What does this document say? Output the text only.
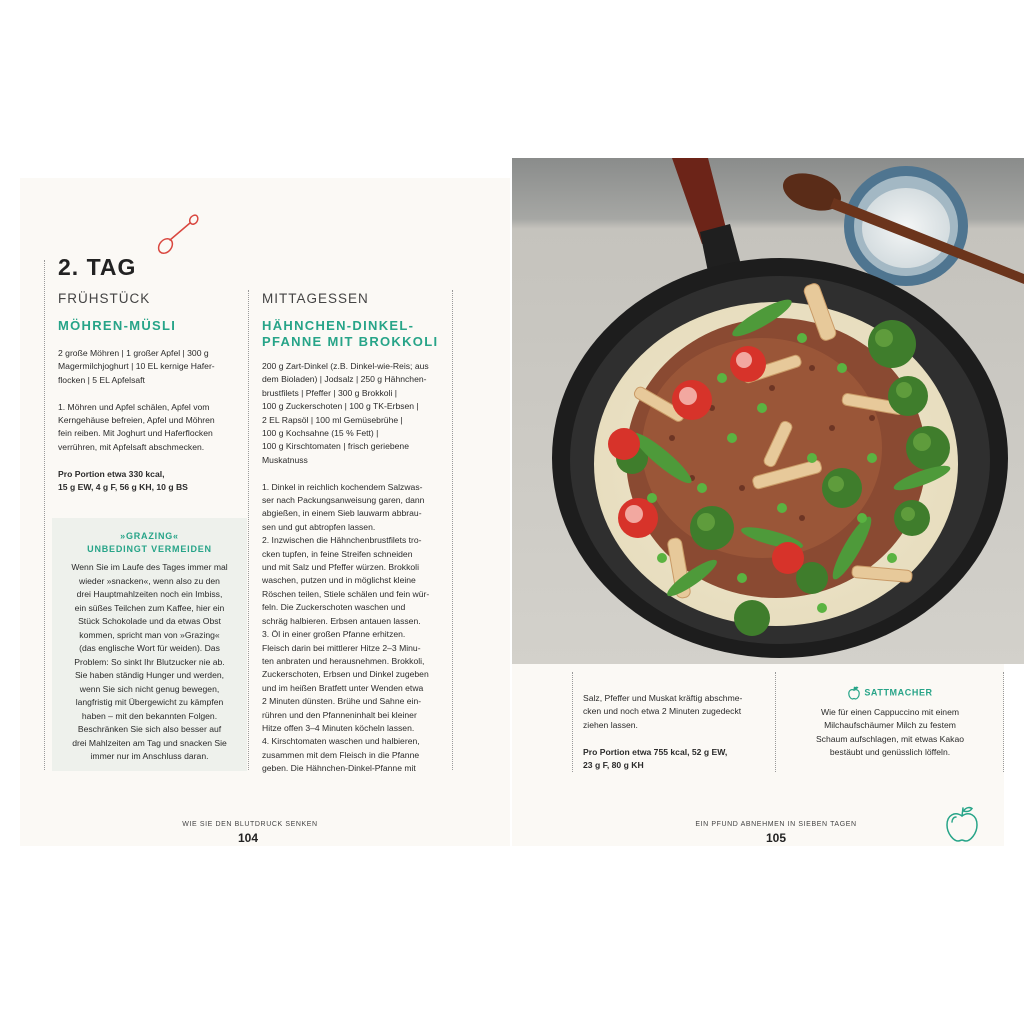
2. TAG
FRÜHSTÜCK
MÖHREN-MÜSLI

2 große Möhren | 1 großer Apfel | 300 g

Magermilchjoghurt | 10 EL kernige Hafer-

flocken | 5 EL Apfelsaft

1. Möhren und Apfel schälen, Apfel vom

Kerngehäuse befreien, Apfel und Möhren

fein reiben. Mit Joghurt und Haferflocken

verrühren, mit Apfelsaft abschmecken.

Pro Portion etwa 330 kcal,

15 g EW, 4 g F, 56 g KH, 10 g BS

»GRAZING«
UNBEDINGT VERMEIDEN
Wenn Sie im Laufe des Tages immer mal
wieder »snacken«, wenn also zu den
drei Hauptmahlzeiten noch ein Imbiss,
ein süßes Teilchen zum Kaffee, hier ein
Stück Schokolade und da etwas Obst
kommen, spricht man von »Grazing«
(das englische Wort für weiden). Das
Problem: So sinkt Ihr Blutzucker nie ab.
Sie haben ständig Hunger und werden,
wenn Sie sich nicht genug bewegen,
langfristig mit Übergewicht zu kämpfen
haben – mit den bekannten Folgen.
Beschränken Sie sich also besser auf
drei Mahlzeiten am Tag und snacken Sie
immer nur im Anschluss daran.
MITTAGESSEN
HÄHNCHEN-DINKEL-
PFANNE MIT BROKKOLI

200 g Zart-Dinkel (z.B. Dinkel-wie-Reis; aus

dem Bioladen) | Jodsalz | 250 g Hähnchen-

brustfilets | Pfeffer | 300 g Brokkoli |

100 g Zuckerschoten | 100 g TK-Erbsen |

2 EL Rapsöl | 100 ml Gemüsebrühe |

100 g Kochsahne (15 % Fett) |

100 g Kirschtomaten | frisch geriebene

Muskatnuss

1. Dinkel in reichlich kochendem Salzwas-

ser nach Packungsanweisung garen, dann

abgießen, in einem Sieb lauwarm abbrau-

sen und gut abtropfen lassen.

2. Inzwischen die Hähnchenbrustfilets tro-

cken tupfen, in feine Streifen schneiden

und mit Salz und Pfeffer würzen. Brokkoli

waschen, putzen und in möglichst kleine

Röschen teilen, Stiele schälen und fein wür-

feln. Die Zuckerschoten waschen und

schräg halbieren. Erbsen antauen lassen.

3. Öl in einer großen Pfanne erhitzen.

Fleisch darin bei mittlerer Hitze 2–3 Minu-

ten anbraten und herausnehmen. Brokkoli,

Zuckerschoten, Erbsen und Dinkel zugeben

und im heißen Bratfett unter Wenden etwa

2 Minuten dünsten. Brühe und Sahne ein-

rühren und den Pfanneninhalt bei kleiner

Hitze offen 3–4 Minuten köcheln lassen.

4. Kirschtomaten waschen und halbieren,

zusammen mit dem Fleisch in die Pfanne

geben. Die Hähnchen-Dinkel-Pfanne mit

WIE SIE DEN BLUTDRUCK SENKEN
104

Salz, Pfeffer und Muskat kräftig abschme-

cken und noch etwa 2 Minuten zugedeckt

ziehen lassen.

Pro Portion etwa 755 kcal, 52 g EW,

23 g F, 80 g KH

SATTMACHER
Wie für einen Cappuccino mit einem
Milchaufschäumer Milch zu festem
Schaum aufschlagen, mit etwas Kakao
bestäubt und genüsslich löffeln.
EIN PFUND ABNEHMEN IN SIEBEN TAGEN
105
